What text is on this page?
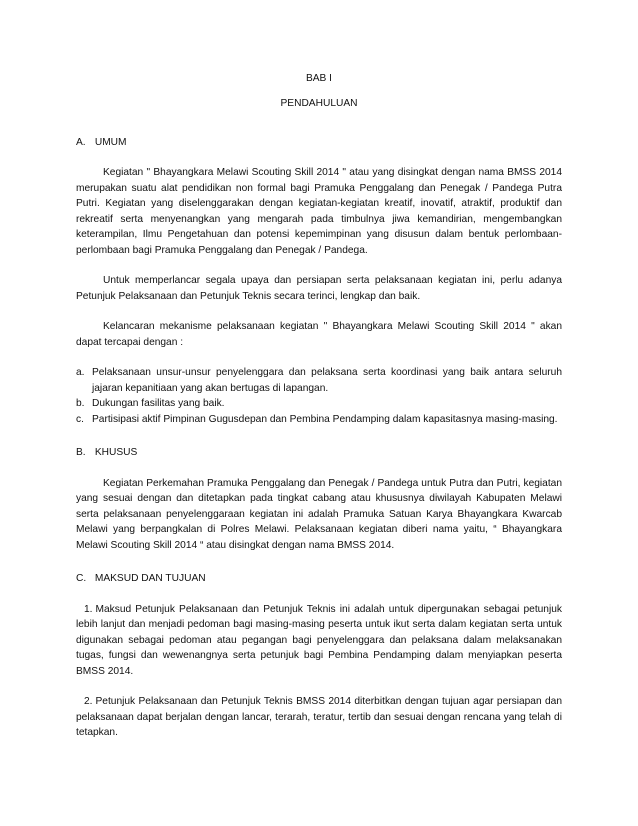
BAB I

PENDAHULUAN

A. UMUM

Kegiatan " Bhayangkara Melawi Scouting Skill 2014 " atau yang disingkat dengan nama BMSS 2014 merupakan suatu alat pendidikan non formal bagi Pramuka Penggalang dan Penegak / Pandega Putra Putri. Kegiatan yang diselenggarakan dengan kegiatan-kegiatan kreatif, inovatif, atraktif, produktif dan rekreatif serta menyenangkan yang mengarah pada timbulnya jiwa kemandirian, mengembangkan keterampilan, Ilmu Pengetahuan dan potensi kepemimpinan yang disusun dalam bentuk perlombaan-perlombaan bagi Pramuka Penggalang dan Penegak / Pandega.

Untuk memperlancar segala upaya dan persiapan serta pelaksanaan kegiatan ini, perlu adanya Petunjuk Pelaksanaan dan Petunjuk Teknis secara terinci, lengkap dan baik.

Kelancaran mekanisme pelaksanaan kegiatan " Bhayangkara Melawi Scouting Skill 2014 " akan dapat tercapai dengan :

a. Pelaksanaan unsur-unsur penyelenggara dan pelaksana serta koordinasi yang baik antara seluruh jajaran kepanitiaan yang akan bertugas di lapangan.
b. Dukungan fasilitas yang baik.
c. Partisipasi aktif Pimpinan Gugusdepan dan Pembina Pendamping dalam kapasitasnya masing-masing.
B. KHUSUS

Kegiatan Perkemahan Pramuka Penggalang dan Penegak / Pandega untuk Putra dan Putri, kegiatan yang sesuai dengan dan ditetapkan pada tingkat cabang atau khususnya diwilayah Kabupaten Melawi serta pelaksanaan penyelenggaraan kegiatan ini adalah Pramuka Satuan Karya Bhayangkara Kwarcab Melawi yang berpangkalan di Polres Melawi. Pelaksanaan kegiatan diberi nama yaitu, “ Bhayangkara Melawi Scouting Skill 2014 “ atau disingkat dengan nama BMSS 2014.

C. MAKSUD DAN TUJUAN

1. Maksud Petunjuk Pelaksanaan dan Petunjuk Teknis ini adalah untuk dipergunakan sebagai petunjuk lebih lanjut dan menjadi pedoman bagi masing-masing peserta untuk ikut serta dalam kegiatan serta untuk digunakan sebagai pedoman atau pegangan bagi penyelenggara dan pelaksana dalam melaksanakan tugas, fungsi dan wewenangnya serta petunjuk bagi Pembina Pendamping dalam menyiapkan peserta BMSS 2014.

2. Petunjuk Pelaksanaan dan Petunjuk Teknis BMSS 2014 diterbitkan dengan tujuan agar persiapan dan pelaksanaan dapat berjalan dengan lancar, terarah, teratur, tertib dan sesuai dengan rencana yang telah di tetapkan.
